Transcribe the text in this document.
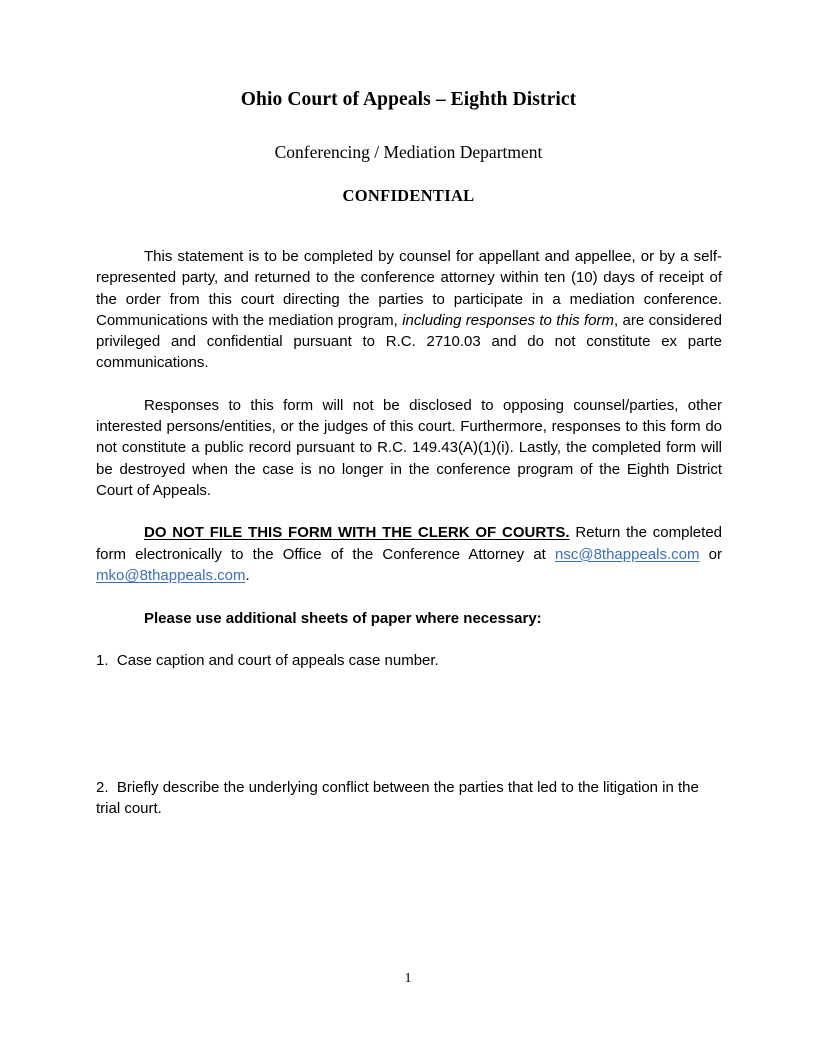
Ohio Court of Appeals – Eighth District
Conferencing / Mediation Department
CONFIDENTIAL

This statement is to be completed by counsel for appellant and appellee, or by a self-represented party, and returned to the conference attorney within ten (10) days of receipt of the order from this court directing the parties to participate in a mediation conference. Communications with the mediation program, including responses to this form, are considered privileged and confidential pursuant to R.C. 2710.03 and do not constitute ex parte communications.

Responses to this form will not be disclosed to opposing counsel/parties, other interested persons/entities, or the judges of this court. Furthermore, responses to this form do not constitute a public record pursuant to R.C. 149.43(A)(1)(i). Lastly, the completed form will be destroyed when the case is no longer in the conference program of the Eighth District Court of Appeals.

DO NOT FILE THIS FORM WITH THE CLERK OF COURTS. Return the completed form electronically to the Office of the Conference Attorney at nsc@8thappeals.com or mko@8thappeals.com.

Please use additional sheets of paper where necessary:

1. Case caption and court of appeals case number.

2. Briefly describe the underlying conflict between the parties that led to the litigation in the trial court.

1
